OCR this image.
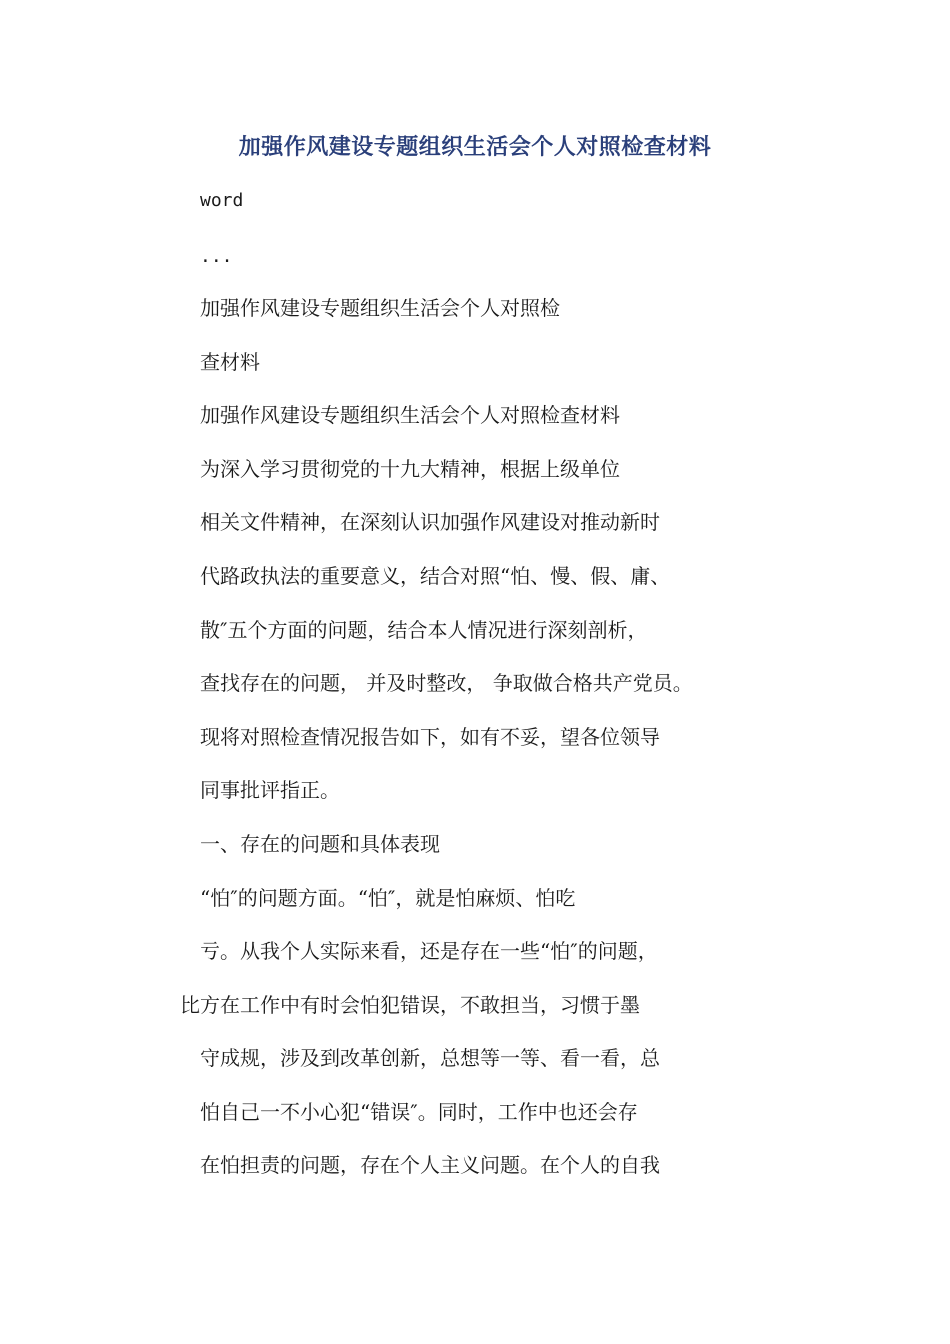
加强作风建设专题组织生活会个人对照检查材料
word
...
加强作风建设专题组织生活会个人对照检
查材料
加强作风建设专题组织生活会个人对照检查材料
为深入学习贯彻党的十九大精神，根据上级单位
相关文件精神，在深刻认识加强作风建设对推动新时
代路政执法的重要意义，结合对照“怕、慢、假、庸、
散″五个方面的问题，结合本人情况进行深刻剖析，
查找存在的问题， 并及时整改， 争取做合格共产党员。
现将对照检查情况报告如下，如有不妥，望各位领导
同事批评指正。
一、存在的问题和具体表现
“怕″的问题方面。“怕″，就是怕麻烦、怕吃
亏。从我个人实际来看，还是存在一些“怕″的问题，
比方在工作中有时会怕犯错误，不敢担当，习惯于墨
守成规，涉及到改革创新，总想等一等、看一看，总
怕自己一不小心犯“错误″。同时，工作中也还会存
在怕担责的问题，存在个人主义问题。在个人的自我
